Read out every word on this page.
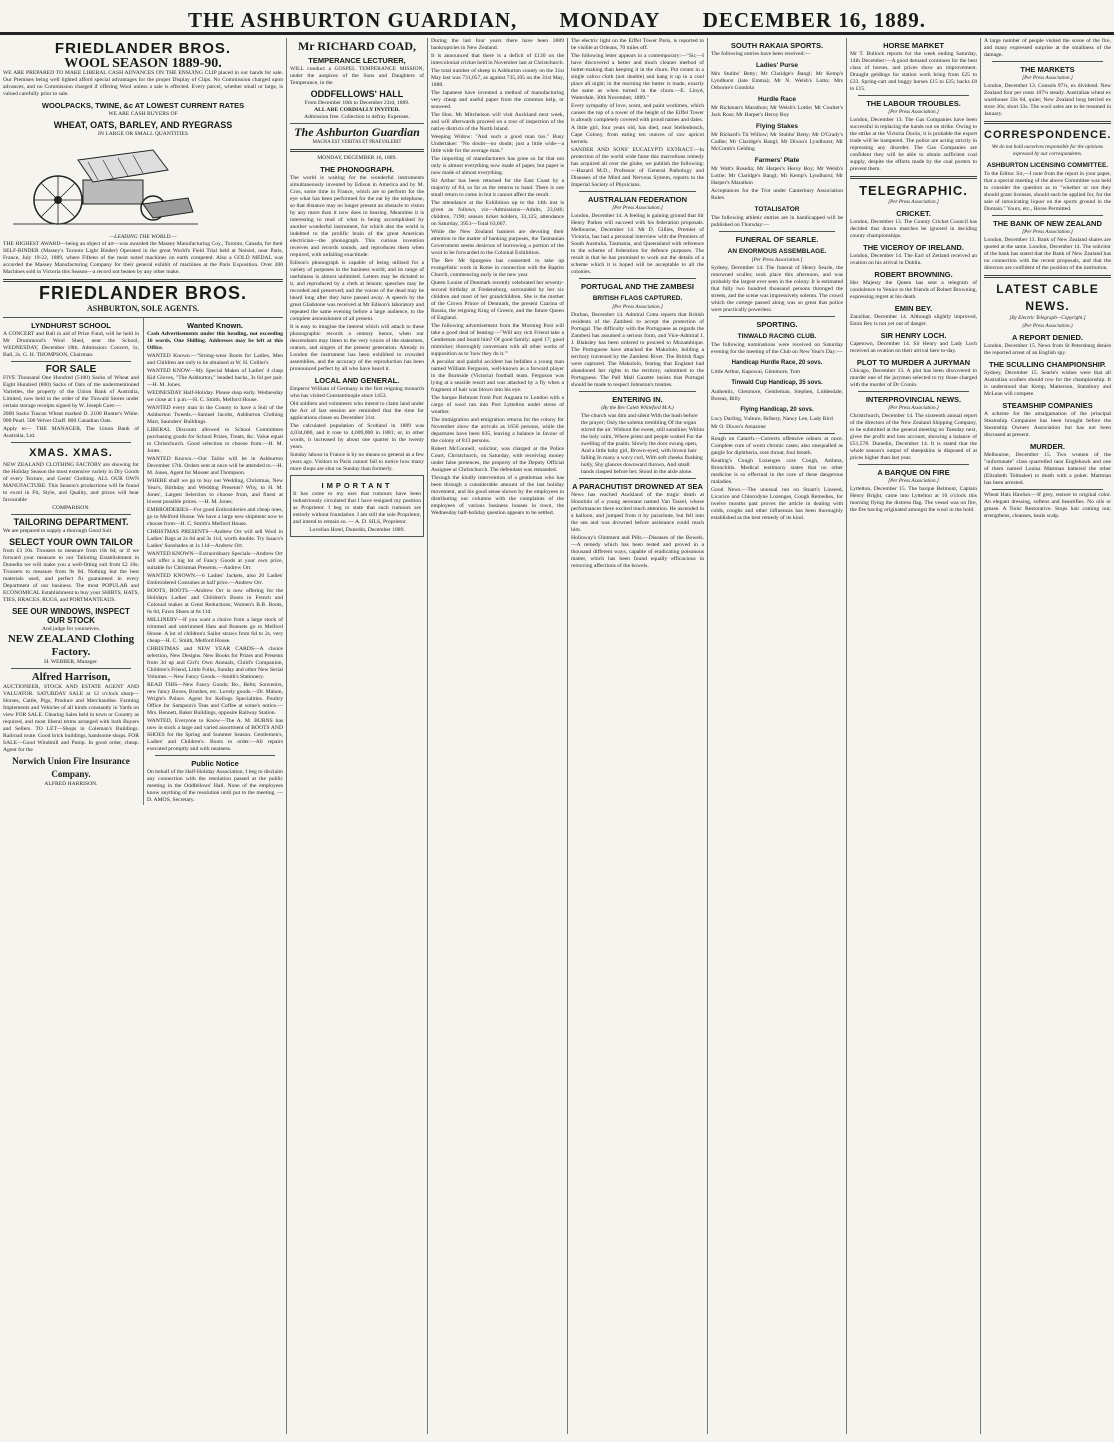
THE ASHBURTON GUARDIAN, MONDAY DECEMBER 16, 1889.
FRIEDLANDER BROS.
WOOL SEASON 1889-90.
WE ARE PREPARED TO MAKE LIBERAL CASH ADVANCES ON THE ENSUING CLIP placed in our hands for sale. Our Premises being well lighted afford special advantages for the proper Display of Clips. No Commission charged upon advances, and no Commission charged if offering Wool unless a sale is effected. Every parcel, whether small or large, is valued carefully prior to sale.
WOOLPACKS, TWINE, &c AT LOWEST CURRENT RATES
WE ARE CASH BUYERS OF
WHEAT, OATS, BARLEY, AND RYEGRASS
IN LARGE OR SMALL QUANTITIES
—LEADING THE WORLD.—
THE HIGHEST AWARD—being an object of art—was awarded the Massey Manufacturing Coy., Toronto, Canada, for their SELF-BINDER (Massey's Toronto Light Binder) Operated in the great World's Field Trial held at Noisiel, near Paris, France, July 19-22, 1889, where Fifteen of the most noted machines on earth competed. Also a GOLD MEDAL was accorded the Massey Manufacturing Company for their general exhibit of machines at the Paris Exposition. Over 200 Machines sold in Victoria this Season—a record not beaten by any other make.
FRIEDLANDER BROS.
ASHBURTON, SOLE AGENTS.
LYNDHURST SCHOOL
A CONCERT and Ball in aid of Prize Fund, will be held in Mr Drummond's Wool Shed, near the School, WEDNESDAY, December 18th. Admission: Concert, 1s; Ball, 2s. G. H. THOMPSON, Chairman.
FOR SALE
FIVE Thousand One Hundred (5100) Sacks of Wheat and Eight Hundred (800) Sacks of Oats of the undermentioned Varieties, the property of the Union Bank of Australia, Limited, now held to the order of the Tinwald Stores under certain storage receipts signed by W. Joseph Cure:—
2000 Sacks Tuscan Wheat marked D. 2100 Hunter's White. 900 Pearl. 500 Velvet Chaff. 800 Canadian Oats.
Apply to— THE MANAGER, The Union Bank of Australia, Ltd.
XMAS. XMAS.
NEW ZEALAND CLOTHING FACTORY are showing for the Holiday Season the most extensive variety in Dry Goods of every Texture, and Gents' Clothing. ALL OUR OWN MANUFACTURE. This Season's productions will be found to excel in Fit, Style, and Quality, and prices will bear favourable
COMPARISON.
TAILORING DEPARTMENT.
We are prepared to supply a thorough Good Suit
SELECT YOUR OWN TAILOR
from £3 10s. Trousers to measure from 18s 6d; or if we forward your measure to our Tailoring Establishment in Dunedin we will make you a well-fitting suit from £2 10s; Trousers to measure from 9s 6d. Nothing but the best materials used, and perfect fit guaranteed in every Department of our business. The most POPULAR and ECONOMICAL Establishment to buy your SHIRTS, HATS, TIES, BRACES, RUGS, and PORTMANTEAUS.
SEE OUR WINDOWS, INSPECT OUR STOCK
And judge for yourselves.
NEW ZEALAND Clothing Factory.
H. WEBBER, Manager.
Alfred Harrison,
AUCTIONEER, STOCK AND ESTATE AGENT AND VALUATOR. SATURDAY SALE at 12 o'clock sharp—Horses, Cattle, Pigs, Produce and Merchandise. Farming Implements and Vehicles of all kinds constantly in Yards on view FOR SALE. Clearing Sales held in town or Country as required, and most liberal terms arranged with both Buyers and Sellers. TO LET—Shops in Coleman's Buildings. Railroad route. Good brick buildings, handsome shops. FOR SALE—Good Windmill and Pump. In good order, cheap. Agent for the
Norwich Union Fire Insurance Company.
ALFRED HARRISON.
Wanted Known.
Cash Advertisements under this heading, not exceeding 16 words, One Shilling. Addresses may be left at this Office.
WANTED Known.—"Strong-wear Boots for Ladies, Men and Children are only to be obtained at W. H. Collier's
WANTED KNOW—My Special Makes of Ladies' 4 clasp Kid Gloves, "The Ashburton," beaded backs, 3s 6d per pair.—H. M. Jones.
WEDNESDAY Half-Holiday. Please shop early. Wednesday we close at 1 p.m.—H. C. Smith, Melford House.
WANTED every man in the County to have a Suit of the Ashburton Tweeds.—Samuel Jacobs, Ashburton Clothing Mart, Saunders' Buildings.
LIBERAL Discount allowed to School Committees purchasing goods for School Prizes, Treats, &c. Value equal to Christchurch. Good selection to choose from.—H. M. Jones.
WANTED Known.—Our Tailor will be in Ashburton December 17th. Orders sent at once will be attended to.—H. M. Jones, Agent for Mosser and Thompson.
WHERE shall we go to buy our Wedding, Christmas, New Year's, Birthday and Wedding Presents? Why, to H. M. Jones', Largest Selection to choose from, and finest at lowest possible prices. —H. M. Jones.
EMBROIDERIES—For good Embroideries and cheap ones, go to Melford House. We have a large new shipment now to choose from—H. C. Smith's Melford House.
CHRISTMAS PRESENTS—Andrew Orr will sell Wool in Ladies' Bags at 2s 6d and 3s 11d, worth double. Try Isaacs's Ladies' Sunshades at 1s 11d—Andrew Orr.
WANTED KNOWN—Extraordinary Specials—Andrew Orr will offer a big lot of Fancy Goods at your own price, suitable for Christmas Presents.—Andrew Orr.
WANTED KNOWN.—6 Ladies' Jackets, also 20 Ladies' Embroidered Costumes at half price.—Andrew Orr.
BOOTS, BOOTS.—Andrew Orr is now offering for the Holidays Ladies' and Children's Boots in French and Colonial makes at Great Reductions; Women's B.B. Boots, 6s 6d, Fawn Shoes at 6s 11d.
MILLINERY—If you want a choice from a large stock of trimmed and untrimmed Hats and Bonnets go to Melford House. A lot of children's Sailor straws from 6d to 2s, very cheap—H. C. Smith, Melford House.
CHRISTMAS and NEW YEAR CARDS—A choice selection, New Designs. New Books for Prizes and Presents from 3d up and Girl's Own Annuals, Child's Companion, Children's Friend, Little Folks, Sunday and other New Serial Volumes.—New Fancy Goods.—Smith's Stationery.
READ THIS—New Fancy Goods; Bo., Belts; Souvenirs, new fancy Boxes, Brushes, etc. Lovely goods.—Dr. Mahon, Wright's Palace. Agent for Kellogs Specialities. Poultry Office for Sampson's Teas and Coffee at some's notice.—Mrs. Bennett, Baker Buildings, opposite Railway Station.
WANTED, Everyone to Know—The A. M. BURNS has now in stock a large and varied assortment of BOOTS AND SHOES for the Spring and Summer Season. Gentlemen's, Ladies' and Children's. Boots to order.—All repairs executed promptly and with neatness.
Public Notice
On behalf of the Half-Holiday Association, I beg to disclaim any connection with the resolution passed at the public meeting in the Oddfellows' Hall. None of the employees know anything of the resolution until put to the meeting. — D. AMOS, Secretary.
Mr RICHARD COAD,
TEMPERANCE LECTURER,
WILL conduct a GOSPEL TEMPERANCE MISSION, under the auspices of the Sons and Daughters of Temperance, in the
ODDFELLOWS' HALL
From December 18th to December 23rd, 1889.
ALL ARE CORDIALLY INVITED.
Admission free. Collection to defray Expenses.
The Ashburton Guardian
MAGNA EST VERITAS ET PRAEVALEBIT
MONDAY, DECEMBER 16, 1889.
THE PHONOGRAPH.
The world is waiting for the wonderful instruments simultaneously invented by Edison in America and by M. Cros, some time in France, which are to perform for the eye what has been performed for the ear by the telephone, so that distance may no longer present an obstacle to vision by any more than it now does to hearing. Meantime it is interesting to read of what is being accomplished by another wonderful instrument, for which also the world is indebted to the prolific brain of the great American electrician—the phonograph. This curious invention receives and records sounds, and reproduces them when required, with unfailing exactitude.
Edison's phonograph is capable of being utilised for a variety of purposes in the business world, and its range of usefulness is almost unlimited. Letters may be dictated to it, and reproduced by a clerk at leisure; speeches may be recorded and preserved; and the voices of the dead may be heard long after they have passed away. A speech by the great Gladstone was received at Mr Edison's laboratory and repeated the same evening before a large audience, to the complete astonishment of all present.
It is easy to imagine the interest which will attach to these phonographic records a century hence, when our descendants may listen to the very voices of the statesmen, orators, and singers of the present generation. Already in London the instrument has been exhibited to crowded assemblies, and the accuracy of the reproduction has been pronounced perfect by all who have heard it.
LOCAL AND GENERAL.
Emperor William of Germany is the first reigning monarch who has visited Constantinople since 1453.
Old soldiers and volunteers who intend to claim land under the Act of last session are reminded that the time for applications closes on December 31st.
The calculated population of Scotland in 1889 was 4,034,000, and it rose to 4,009,000 in 1881; or, in other words, it increased by about one quarter in the twenty years.
Sunday labour in France is by no means so general as a few years ago. Visitors to Paris cannot fail to notice how many more shops are shut on Sunday than formerly.
IMPORTANT
It has come to my ears that rumours have been industriously circulated that I have resigned my position as Proprietor. I beg to state that such rumours are entirely without foundation. I am still the sole Proprietor, and intend to remain so. — A. D. SILS, Proprietor.
Lovelian Hotel, Dunedin, December 1889.
During the last four years there have been 3889 bankruptcies in New Zealand.
It is announced that there is a deficit of £130 on the intercolonial cricket held in November last at Christchurch.
The total number of sheep in Ashburton county on the 31st May last was 731,057, as against 735,105 on the 31st May, 1888.
The Japanese have invented a method of manufacturing very cheap and useful paper from the common kelp, or seaweed.
The Hon. Mr Mitchelson will visit Auckland next week, and will afterwards proceed on a tour of inspection of the native districts of the North Island.
Weeping Widow: "And such a good man too." Busy Undertaker: "No doubt—no doubt; just a little wide—a little wide for the average man."
The importing of manufacturers has gone so far that not only is almost everything now made of paper, but paper is now made of almost everything.
Sir Arthur has been returned for the East Coast by a majority of 84, so far as the returns to hand. There is one small return to come in but it cannot affect the result.
The attendance at the Exhibition up to the 14th inst is given as follows, viz—Admissions—Adults, 23,046; children, 7190; season ticket holders, 33,125; attendance on Saturday, 3951—Total 63,067.
While the New Zealand banners are devoting their attention to the matter of banking purposes, the Tasmanian Government seems desirous of borrowing a portion of the wool to be forwarded to the Colonial Exhibition.
The Rev Mr Spurgeon has consented to take up evangelistic work in Rome in connection with the Baptist Church, commencing early in the new year.
Queen Louise of Denmark recently celebrated her seventy-second birthday at Fredensborg, surrounded by her six children and most of her grandchildren. She is the mother of the Crown Prince of Denmark, the present Czarina of Russia, the reigning King of Greece, and the future Queen of England.
The following advertisement from the Morning Post will take a good deal of beating:—"Will any rich Friend take a Gentleman and board him? Of good family; aged 17; good mimicker; thoroughly conversant with all other works of supposition as to 'how they do it.'"
A peculiar and painful accident has befallen a young man named William Ferguson, well-known as a forward player in the Burnside (Victoria) football team. Ferguson was lying at a seaside resort and was attacked by a fly when a fragment of hair was blown into his eye.
The barque Belmont from Port Augusta to London with a cargo of wool ran into Port Lyttelton under stress of weather.
The immigration and emigration returns for the colony for November show the arrivals as 1656 persons, while the departures have been 835, leaving a balance in favour of the colony of 813 persons.
Robert McConnell, solicitor, was charged at the Police Court, Christchurch, on Saturday, with receiving money under false pretences, the property of the Deputy Official Assignee at Christchurch. The defendant was remanded.
Through the kindly intervention of a gentleman who has been through a considerable amount of the last holiday movement, and his good sense shown by the employees in distributing our columns with the complaints of the employees of various business houses in town, the Wednesday half-holiday question appears to be settled.
The electric light on the Eiffel Tower Paris, is reported to be visible at Orleans, 70 miles off.
The following letter appears in a contemporary:—"Sir,—I have discovered a better and much cleaner method of butter-making than keeping it in the churn. Put cream in a single calico cloth (not double) and hang it up in a cool place all night; in the morning the butter is made, exactly the same as when turned in the churn.—E. Lloyd, Waterdale, 30th November, 1889."
Every sympathy of love, scent, and paint workmen, which causes the top of a tower of the height of the Eiffel Tower is already completely covered with proud names and dates.
A little girl, four years old, has died, near Stellenbosch, Cape Colony, from eating ten ounces of raw apricot kernels.
SANDER AND SONS' EUCALYPTI EXTRACT.—In protection of the world wide fame this marvellous remedy has acquired all over the globe, we publish the following:—Hazard M.D., Professor of General Pathology and Diseases of the Mind and Nervous System, reports to the Imperial Society of Physicians.
AUSTRALIAN FEDERATION
[Per Press Association.]
London, December 14. A feeling is gaining ground that Sir Henry Parkes will succeed with his federation proposals. Melbourne, December 14. Mr D. Gillies, Premier of Victoria, has had a personal interview with the Premiers of South Australia, Tasmania, and Queensland with reference to the scheme of federation for defence purposes. The result is that he has promised to work out the details of a scheme which it is hoped will be acceptable to all the colonies.
PORTUGAL AND THE ZAMBESI
BRITISH FLAGS CAPTURED.
[Per Press Association.]
Durban, December 14. Admiral Cotta reports that British residents of the Zambesi to accept the protection of Portugal. The difficulty with the Portuguese as regards the Zambesi has assumed a serious form, and Vice-Admiral J. J. Blaksley has been ordered to proceed to Mozambique. The Portuguese have attacked the Makololo, holding a territory traversed by the Zambesi River. The British flags were captured. The Makololo, fearing that England had abandoned her rights to the territory, submitted to the Portuguese. The Pall Mall Gazette insists that Portugal should be made to respect Johnston's treaties.
ENTERING IN.
(By the Rev Caleb Whiteford M.A.)
The church was dim and silent With the hush before the prayer; Only the solemn trembling Of the organ stirred the air. Without the sweet, still sunshine; Within the holy calm, Where priest and people waited For the swelling of the psalm. Slowly the door swung open, And a little baby girl, Brown-eyed, with brown hair falling In many a wavy curl, With soft cheeks flushing hotly, Shy glances downward thrown, And small hands clasped before her, Stood in the aisle alone.
A PARACHUTIST DROWNED AT SEA
News has reached Auckland of the tragic death at Honolulu of a young aeronaut named Van Tassel, whose performances there excited much attention. He ascended in a balloon, and jumped from it by parachute, but fell into the sea and was drowned before assistance could reach him.
Holloway's Ointment and Pills.—Diseases of the Bowels.—A remedy which has been tested and proved in a thousand different ways, capable of eradicating poisonous matter, which has been found equally efficacious in removing affections of the bowels.
SOUTH RAKAIA SPORTS.
The following entries have been received:—
Ladies' Purse
Mrs Stubbs' Betty; Mr Claridge's Bangl; Mr Kemp's Lyndhurst (late Emma); Mr N. Welsh's Lotto; Mrs Osborne's Gondola
Hurdle Race
Mr Rickman's Marathon; Mr Welsh's Lottie; Mr Coulter's Jack Ross; Mr Harper's Heroy Boy
Flying Stakes
Mr Richard's Tit Willow; Mr Stubbs' Betty; Mr O'Grady's Cudbe; Mr Claridge's Bangl; Mr Dixon's Lyndhurst; Mr McComb's Gelding
Farmers' Plate
Mr Watt's Rosella; Mr Harper's Heroy Boy; Mr Welsh's Lottie; Mr Claridge's Bangl; Mr Kemp's Lyndhurst; Mr Harper's Marathon
Acceptances for the Trot under Canterbury Association Rules.
TOTALISATOR
The following athletic entries are in handicapped will be published on Thursday:—
FUNERAL OF SEARLE.
AN ENORMOUS ASSEMBLAGE.
[Per Press Association.]
Sydney, December 14. The funeral of Henry Searle, the renowned sculler, took place this afternoon, and was probably the largest ever seen in the colony. It is estimated that fully two hundred thousand persons thronged the streets, and the scene was impressively solemn. The crowd which the cortege passed along was so great that police were practically powerless.
SPORTING.
TINWALD RACING CLUB.
The following nominations were received on Saturday evening for the meeting of the Club on New Year's Day:—
Handicap Hurdle Race, 20 sovs.
Little Arthur, Kapowai, Glenmore, Tom
Tinwald Cup Handicap, 35 sovs.
Authentic, Glenmore, Gentleman, Stephen, Liddesdale, Boreas, Billy
Flying Handicap, 20 sovs.
Lucy Darling, Vulture, Bribery, Nancy Lee, Lady Bird
Mr O. Dixon's Amazone
Rough on Catarrh.—Corrects offensive odours at once. Complete cure of worst chronic cases; also unequalled as gargle for diphtheria, sore throat, foul breath.
Keating's Cough Lozenges cure Cough, Asthma, Bronchitis. Medical testimony states that no other medicine is so effectual in the cure of these dangerous maladies.
Good News.—The unusual run on Stuart's Linseed, Licorice and Chlorodyne Lozenges, Cough Remedies, for twelve months past proves the article in dealing with colds, coughs and other influenzas has been thoroughly established as the best remedy of its kind.
HORSE MARKET
Mr T. Bullock reports for the week ending Saturday, 14th December:—A good demand continues for the best class of horses, and prices show an improvement. Draught geldings for station work bring from £25 to £33. Spring-cart and buggy horses £15 to £25; hacks £8 to £15.
THE LABOUR TROUBLES.
[Per Press Association.]
London, December 13. The Gas Companies have been successful in replacing the hands out on strike. Owing to the strike at the Victoria Docks, it is probable the export trade will be hampered. The police are acting strictly in repressing any disorder. The Gas Companies are confident they will be able to obtain sufficient coal supply, despite the efforts made by the coal porters to prevent them.
TELEGRAPHIC.
[Per Press Association.]
CRICKET.
London, December 13. The County Cricket Council has decided that drawn matches be ignored in deciding county championships.
THE VICEROY OF IRELAND.
London, December 14. The Earl of Zetland received an ovation on his arrival in Dublin.
ROBERT BROWNING.
Her Majesty the Queen has sent a telegram of condolence to Venice to the friends of Robert Browning, expressing regret at his death.
EMIN BEY.
Zanzibar, December 14. Although slightly improved, Emin Bey is not yet out of danger.
SIR HENRY LOCH.
Capetown, December 14. Sir Henry and Lady Loch received an ovation on their arrival here to-day.
PLOT TO MURDER A JURYMAN
Chicago, December 13. A plot has been discovered to murder one of the jurymen selected to try those charged with the murder of Dr Cronin.
INTERPROVINCIAL NEWS.
[Per Press Association.]
Christchurch, December 14. The sixteenth annual report of the directors of the New Zealand Shipping Company, to be submitted at the general meeting on Tuesday next, gives the profit and loss account, showing a balance of £51,578. Dunedin, December 14. It is stated that the whole season's output of sheepskins is disposed of at prices higher than last year.
A BARQUE ON FIRE
[Per Press Association.]
Lyttelton, December 15. The barque Belmont, Captain Henry Bright, came into Lyttelton at 10 o'clock this morning flying the distress flag. The vessel was on fire, the fire having originated amongst the wool in the hold.
A large number of people visited the scene of the fire, and many expressed surprise at the smallness of the damage.
THE MARKETS
[Per Press Association.]
London, December 13. Consols 97¼, ex dividend. New Zealand four per cents 107¼ steady. Australian wheat ex warehouse 33s 6d, quiet; New Zealand long berried ex store 36s; short 33s. The wool sales are to be resumed in January.
CORRESPONDENCE.
We do not hold ourselves responsible for the opinions expressed by our correspondents.
ASHBURTON LICENSING COMMITTEE.
To the Editor. Sir,—I note from the report in your paper, that a special meeting of the above Committee was held to consider the question as to "whether or not they should grant licenses, should such be applied for, for the sale of intoxicating liquor on the sports ground in the Domain." Yours, etc., Horse Permitted.
THE BANK OF NEW ZEALAND
[Per Press Association.]
London, December 13. Bank of New Zealand shares are quoted at the same. London, December 14. The solicitor of the bank has stated that the Bank of New Zealand has no connection with the recent proposals, and that the directors are confident of the position of the institution.
LATEST CABLE NEWS.
[By Electric Telegraph—Copyright.]
(Per Press Association.)
A REPORT DENIED.
London, December 15. News from St Petersburg denies the reported arrest of an English spy.
THE SCULLING CHAMPIONSHIP.
Sydney, December 15. Searle's wishes were that all Australian scullers should row for the championship. It is understood that Kemp, Matterson, Stansbury and McLean will compete.
STEAMSHIP COMPANIES
A scheme for the amalgamation of the principal Steamship Companies has been brought before the Steamship Owners Association but has not been discussed at present.
MURDER.
Melbourne, December 15. Two women of the "unfortunate" class quarrelled near Englehawk and one of them named Louisa Mattman battered the other (Elizabeth Tolmalee) to death with a poker. Mattman has been arrested.
Wheat Hats Hawker.—If grey, restore to original color. An elegant dressing, softens and beautifies. No oils or grease. A Tonic Restorative. Stops hair coming out; strengthens, cleanses, heals scalp.
